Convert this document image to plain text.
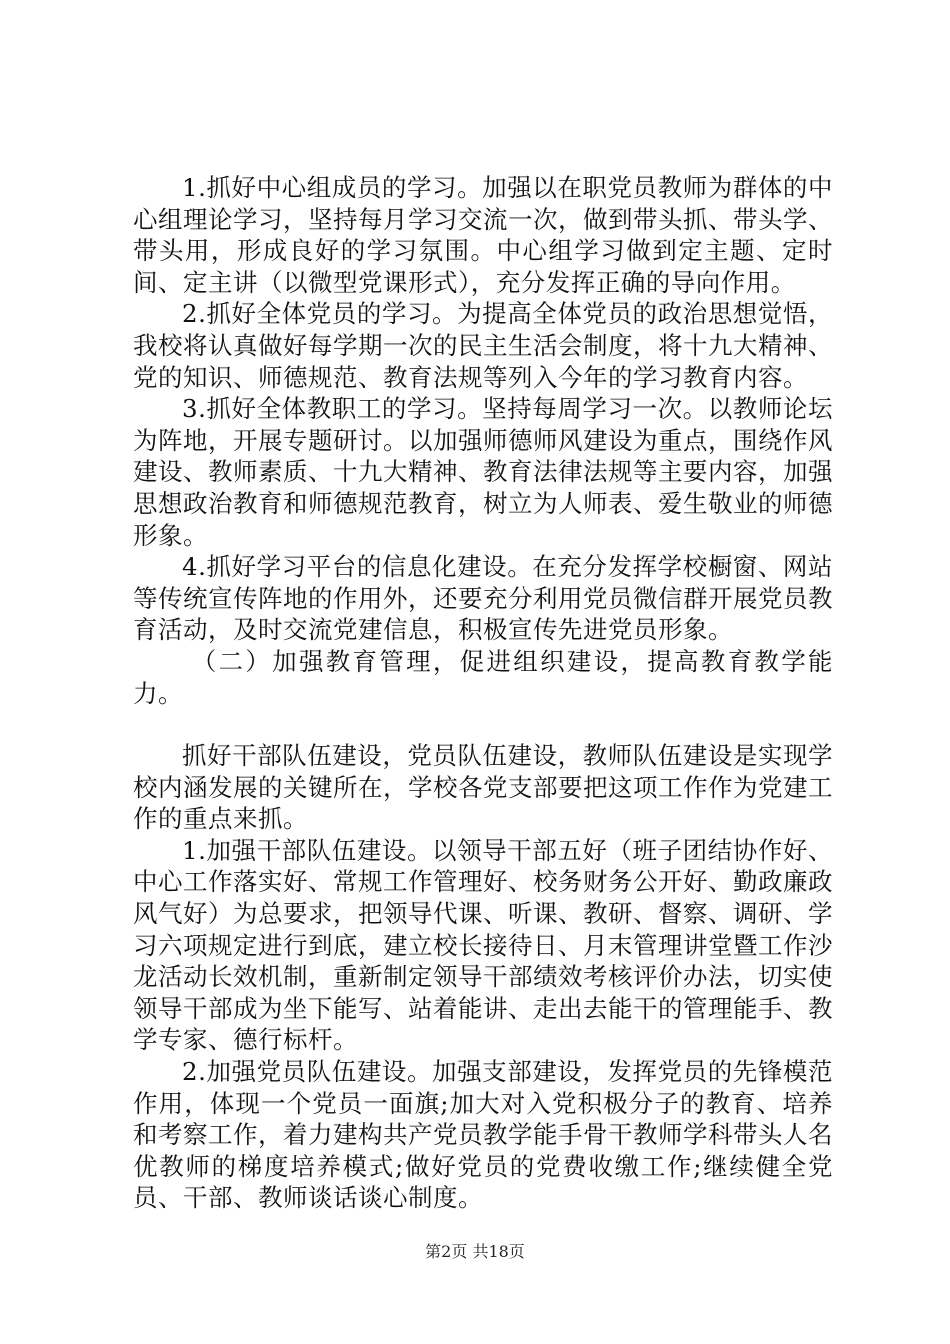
1.抓好中心组成员的学习。加强以在职党员教师为群体的中心组理论学习，坚持每月学习交流一次，做到带头抓、带头学、带头用，形成良好的学习氛围。中心组学习做到定主题、定时间、定主讲（以微型党课形式），充分发挥正确的导向作用。

2.抓好全体党员的学习。为提高全体党员的政治思想觉悟，我校将认真做好每学期一次的民主生活会制度，将十九大精神、党的知识、师德规范、教育法规等列入今年的学习教育内容。

3.抓好全体教职工的学习。坚持每周学习一次。以教师论坛为阵地，开展专题研讨。以加强师德师风建设为重点，围绕作风建设、教师素质、十九大精神、教育法律法规等主要内容，加强思想政治教育和师德规范教育，树立为人师表、爱生敬业的师德形象。

4.抓好学习平台的信息化建设。在充分发挥学校橱窗、网站等传统宣传阵地的作用外，还要充分利用党员微信群开展党员教育活动，及时交流党建信息，积极宣传先进党员形象。

（二）加强教育管理，促进组织建设，提高教育教学能力。

抓好干部队伍建设，党员队伍建设，教师队伍建设是实现学校内涵发展的关键所在，学校各党支部要把这项工作作为党建工作的重点来抓。

1.加强干部队伍建设。以领导干部五好（班子团结协作好、中心工作落实好、常规工作管理好、校务财务公开好、勤政廉政风气好）为总要求，把领导代课、听课、教研、督察、调研、学习六项规定进行到底，建立校长接待日、月末管理讲堂暨工作沙龙活动长效机制，重新制定领导干部绩效考核评价办法，切实使领导干部成为坐下能写、站着能讲、走出去能干的管理能手、教学专家、德行标杆。

2.加强党员队伍建设。加强支部建设，发挥党员的先锋模范作用，体现一个党员一面旗;加大对入党积极分子的教育、培养和考察工作，着力建构共产党员教学能手骨干教师学科带头人名优教师的梯度培养模式;做好党员的党费收缴工作;继续健全党员、干部、教师谈话谈心制度。

第2页 共18页
